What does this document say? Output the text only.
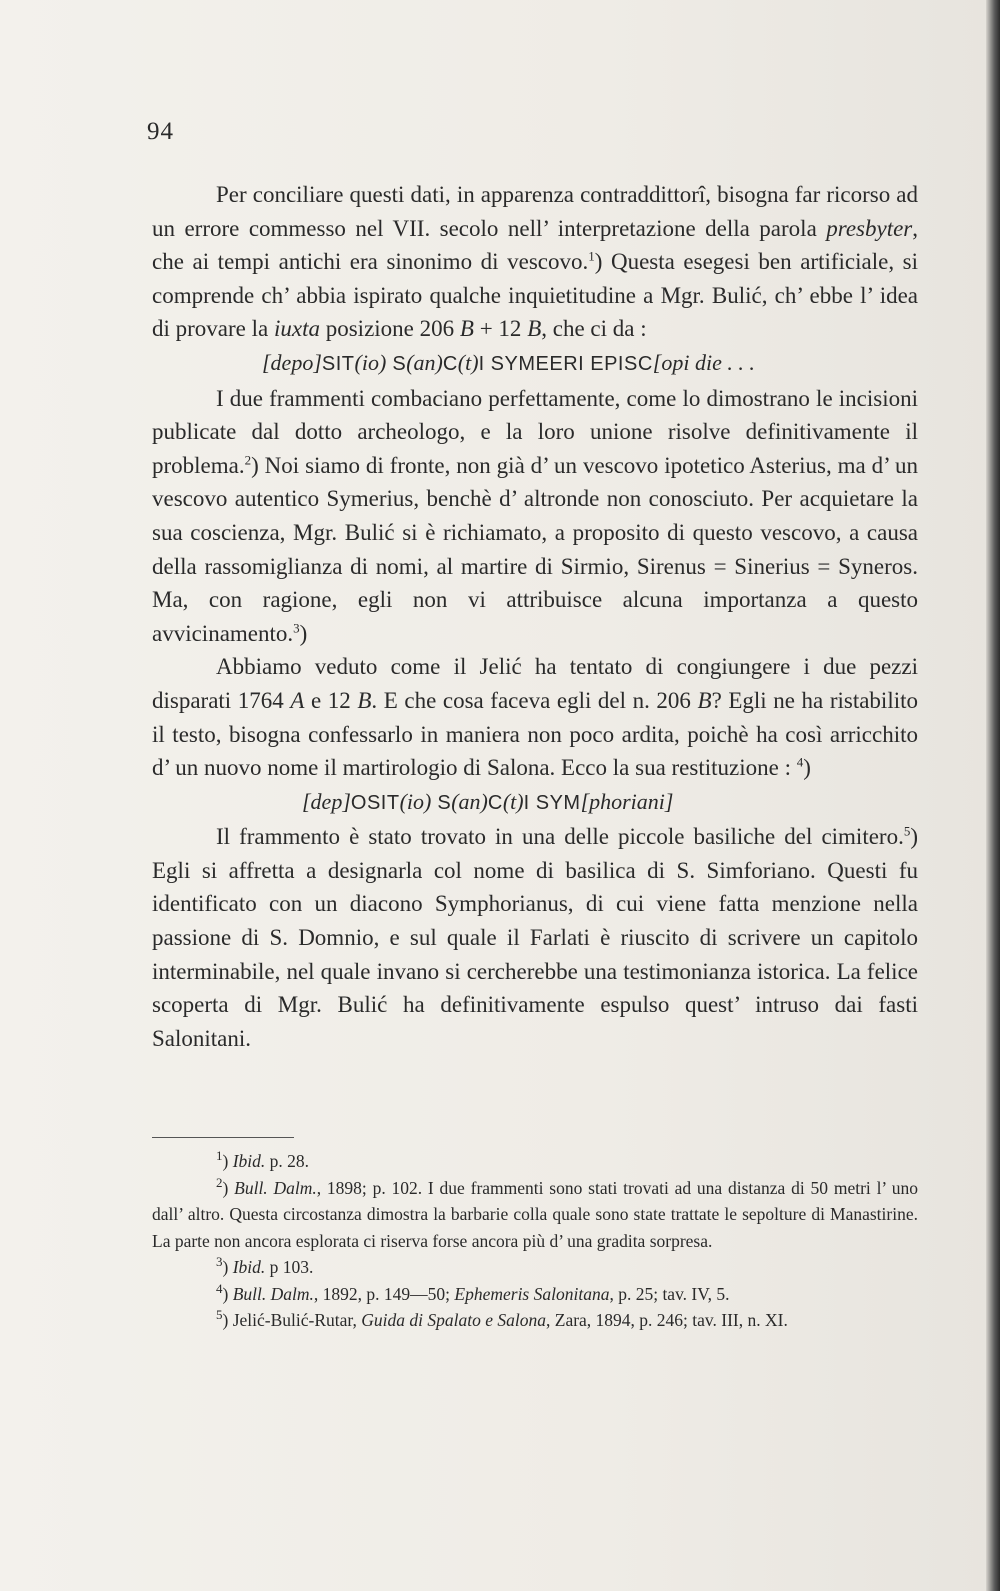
94

Per conciliare questi dati, in apparenza contraddittorî, bisogna far ricorso ad un errore commesso nel VII. secolo nell’ interpretazione della parola presbyter, che ai tempi antichi era sinonimo di vescovo.$^1$) Questa esegesi ben artificiale, si comprende ch’ abbia ispirato qualche inquietitudine a Mgr. Bulić, ch’ ebbe l’ idea di provare la iuxta posizione 206 B + 12 B, che ci da :

[depo]SIT(io) S(an)C(t)I SYMEERI EPISC[opi die . . .

I due frammenti combaciano perfettamente, come lo dimostrano le incisioni publicate dal dotto archeologo, e la loro unione risolve definitivamente il problema.$^2$) Noi siamo di fronte, non già d’ un vescovo ipotetico Asterius, ma d’ un vescovo autentico Symerius, benchè d’ altronde non conosciuto. Per acquietare la sua coscienza, Mgr. Bulić si è richiamato, a proposito di questo vescovo, a causa della rassomiglianza di nomi, al martire di Sirmio, Sirenus = Sinerius = Syneros. Ma, con ragione, egli non vi attribuisce alcuna importanza a questo avvicinamento.$^3$)

Abbiamo veduto come il Jelić ha tentato di congiungere i due pezzi disparati 1764 A e 12 B. E che cosa faceva egli del n. 206 B? Egli ne ha ristabilito il testo, bisogna confessarlo in maniera non poco ardita, poichè ha così arricchito d’ un nuovo nome il martirologio di Salona. Ecco la sua restituzione : $^4$)

[dep]OSIT(io) S(an)C(t)I SYM[phoriani]

Il frammento è stato trovato in una delle piccole basiliche del cimitero.$^5$) Egli si affretta a designarla col nome di basilica di S. Simforiano. Questi fu identificato con un diacono Symphorianus, di cui viene fatta menzione nella passione di S. Domnio, e sul quale il Farlati è riuscito di scrivere un capitolo interminabile, nel quale invano si cercherebbe una testimonianza istorica. La felice scoperta di Mgr. Bulić ha definitivamente espulso quest’ intruso dai fasti Salonitani.

$^1$) Ibid. p. 28.

$^2$) Bull. Dalm., 1898; p. 102. I due frammenti sono stati trovati ad una distanza di 50 metri l’ uno dall’ altro. Questa circostanza dimostra la barbarie colla quale sono state trattate le sepolture di Manastirine. La parte non ancora esplorata ci riserva forse ancora più d’ una gradita sorpresa.

$^3$) Ibid. p 103.

$^4$) Bull. Dalm., 1892, p. 149—50; Ephemeris Salonitana, p. 25; tav. IV, 5.

$^5$) Jelić-Bulić-Rutar, Guida di Spalato e Salona, Zara, 1894, p. 246; tav. III, n. XI.
